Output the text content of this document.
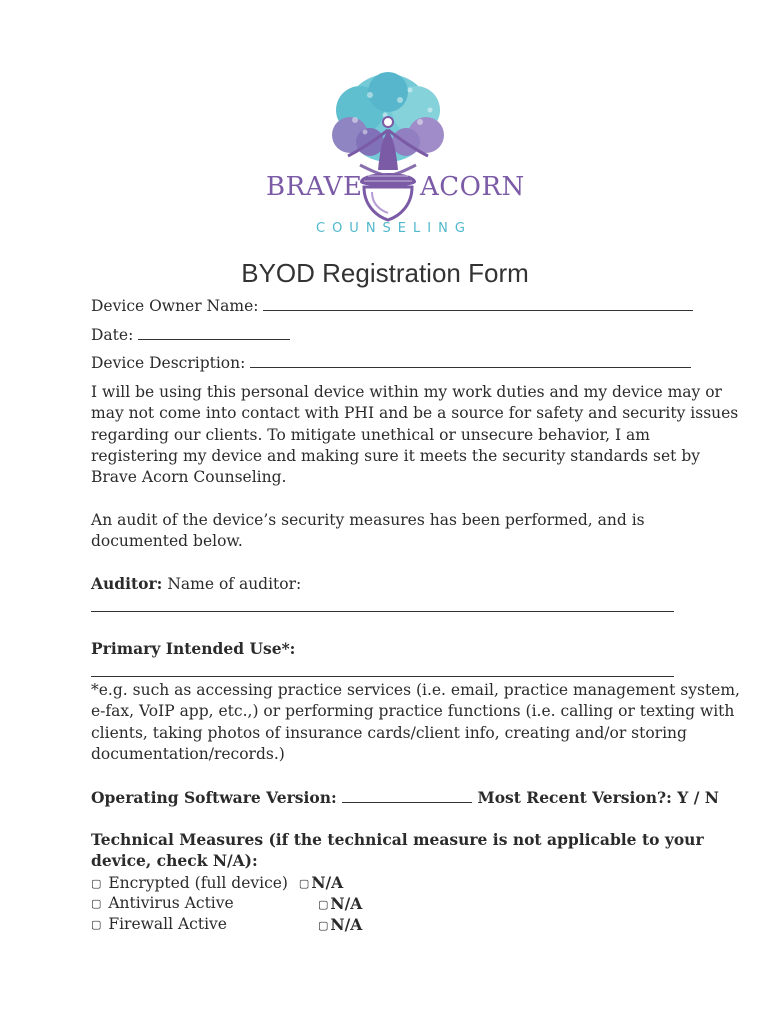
BRAVE ACORN
COUNSELING
BYOD Registration Form
Device Owner Name:
Date:
Device Description:
I will be using this personal device within my work duties and my device may or
may not come into contact with PHI and be a source for safety and security issues
regarding our clients. To mitigate unethical or unsecure behavior, I am
registering my device and making sure it meets the security standards set by
Brave Acorn Counseling.
An audit of the device’s security measures has been performed, and is
documented below.
Auditor: Name of auditor:
Primary Intended Use*:
*e.g. such as accessing practice services (i.e. email, practice management system,
e-fax, VoIP app, etc.,) or performing practice functions (i.e. calling or texting with
clients, taking photos of insurance cards/client info, creating and/or storing
documentation/records.)
Operating Software Version:	Most Recent Version?: Y / N
Technical Measures (if the technical measure is not applicable to your
device, check N/A):
▢ Encrypted (full device) ▢ N/A
▢ Antivirus Active	▢ N/A
▢ Firewall Active	▢ N/A
